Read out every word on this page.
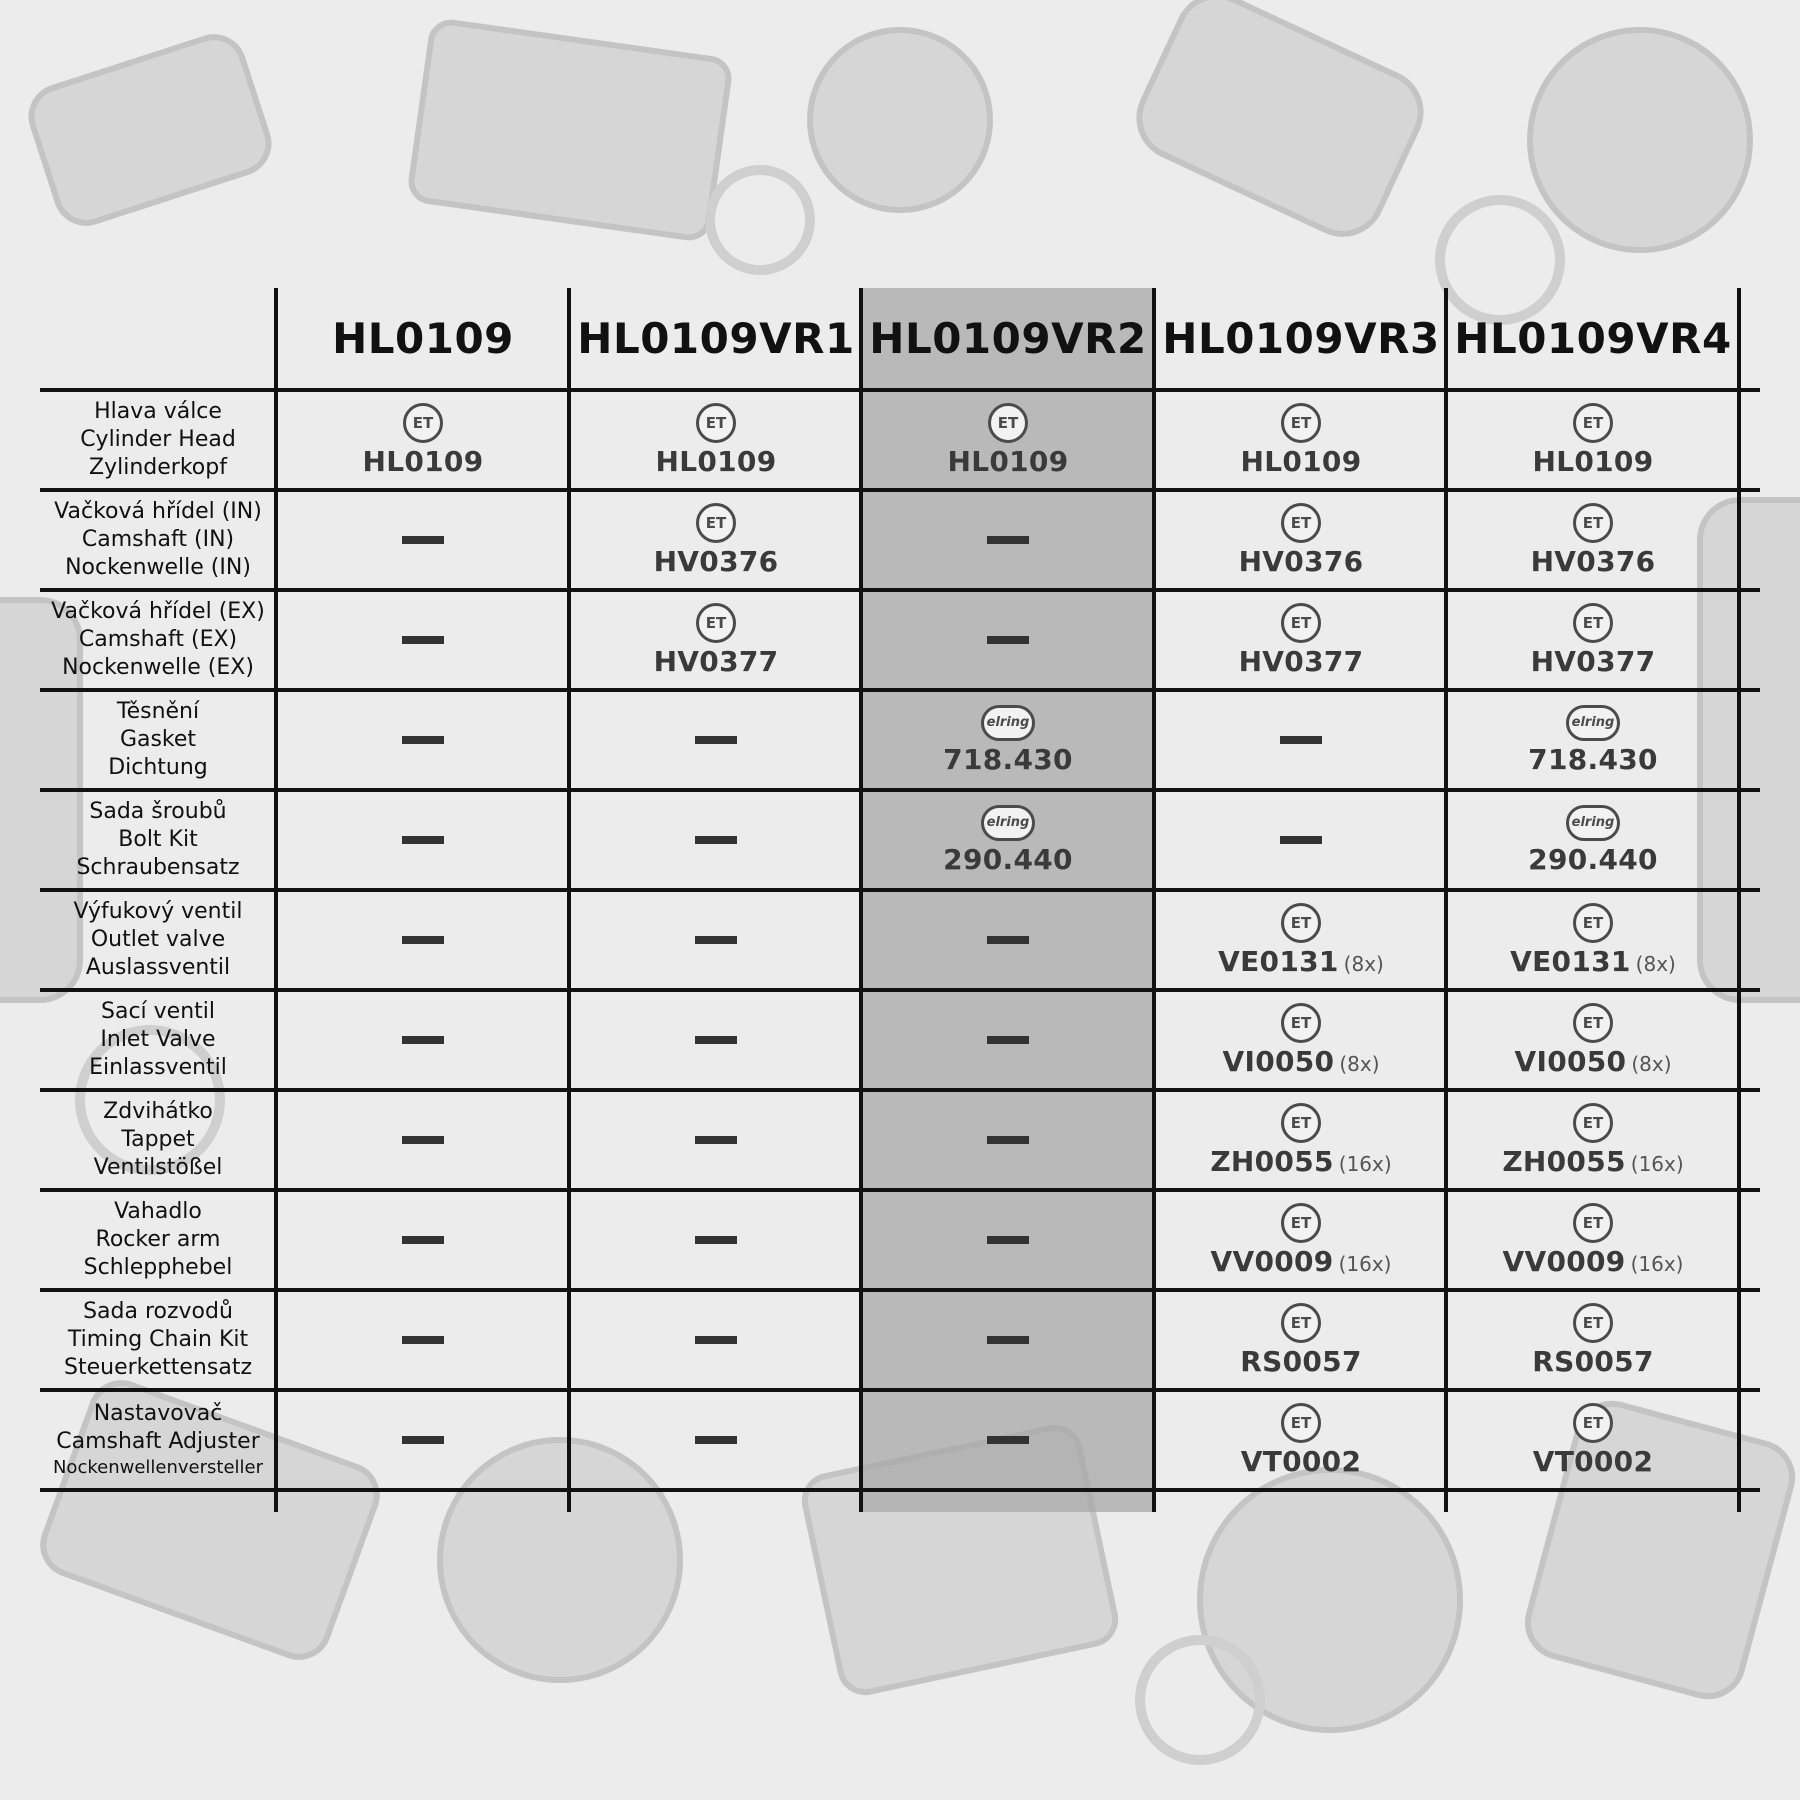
HL0109	HL0109VR1 HL0109VR2 HL0109VR3 HL0109VR4
Hlava válce
Cylinder Head
Zylinderkopf
ET
HL0109
ET
HL0109
ET
HL0109
ET
HL0109
ET
HL0109
Vačková hřídel (IN)
Camshaft (IN)
Nockenwelle (IN)
ET
HV0376
ET
HV0376
ET
HV0376
Vačková hřídel (EX)
Camshaft (EX)
Nockenwelle (EX)
ET
HV0377
ET
HV0377
ET
HV0377
Těsnění
Gasket
Dichtung
elring
718.430
elring
718.430
Sada šroubů
Bolt Kit
Schraubensatz
elring
290.440
elring
290.440
Výfukový ventil
Outlet valve
Auslassventil
ET
VE0131 (8x)
ET
VE0131 (8x)
Sací ventil
Inlet Valve
Einlassventil
ET
VI0050 (8x)
ET
VI0050 (8x)
Zdvihátko
Tappet
Ventilstößel
ET
ZH0055 (16x)
ET
ZH0055 (16x)
Vahadlo
Rocker arm
Schlepphebel
ET
VV0009 (16x)
ET
VV0009 (16x)
Sada rozvodů
Timing Chain Kit
Steuerkettensatz
ET
RS0057
ET
RS0057
Nastavovač
Camshaft Adjuster
Nockenwellenversteller
ET
VT0002
ET
VT0002
